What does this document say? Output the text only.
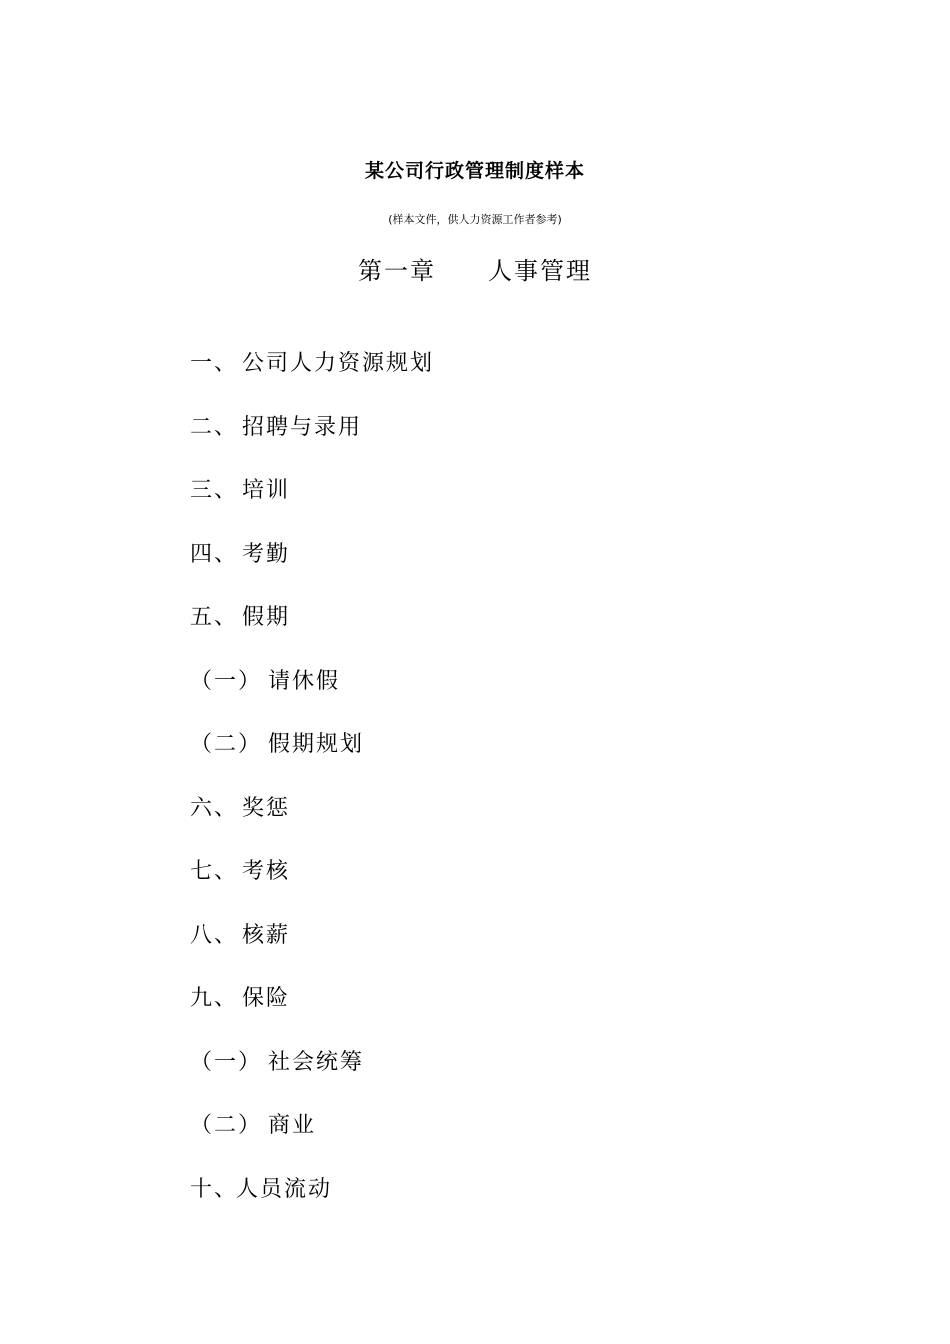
某公司行政管理制度样本
(样本文件，供人力资源工作者参考)
第一章 人事管理
一、 公司人力资源规划
二、 招聘与录用
三、 培训
四、 考勤
五、 假期
（一） 请休假
（二） 假期规划
六、 奖惩
七、 考核
八、 核薪
九、 保险
（一） 社会统筹
（二） 商业
十、人员流动
